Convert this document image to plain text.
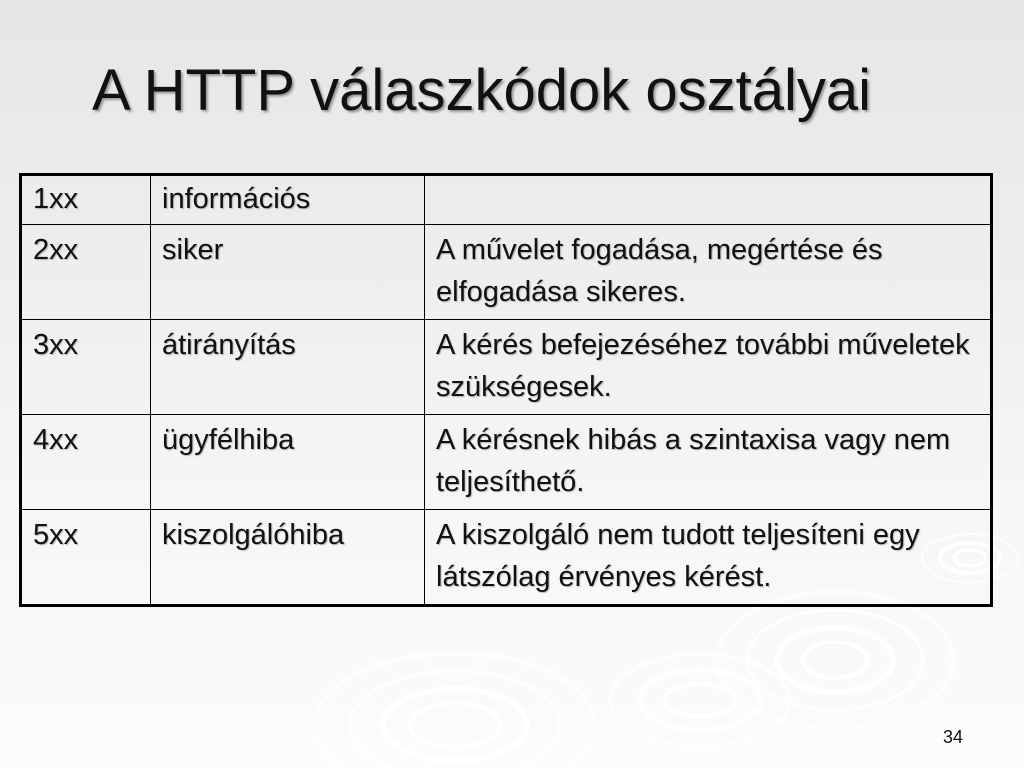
A HTTP válaszkódok osztályai
1xx	információs	
2xx	siker	A művelet fogadása, megértése és elfogadása sikeres.
3xx	átirányítás	A kérés befejezéséhez további műveletek szükségesek.
4xx	ügyfélhiba	A kérésnek hibás a szintaxisa vagy nem teljesíthető.
5xx	kiszolgálóhiba	A kiszolgáló nem tudott teljesíteni egy látszólag érvényes kérést.
34
